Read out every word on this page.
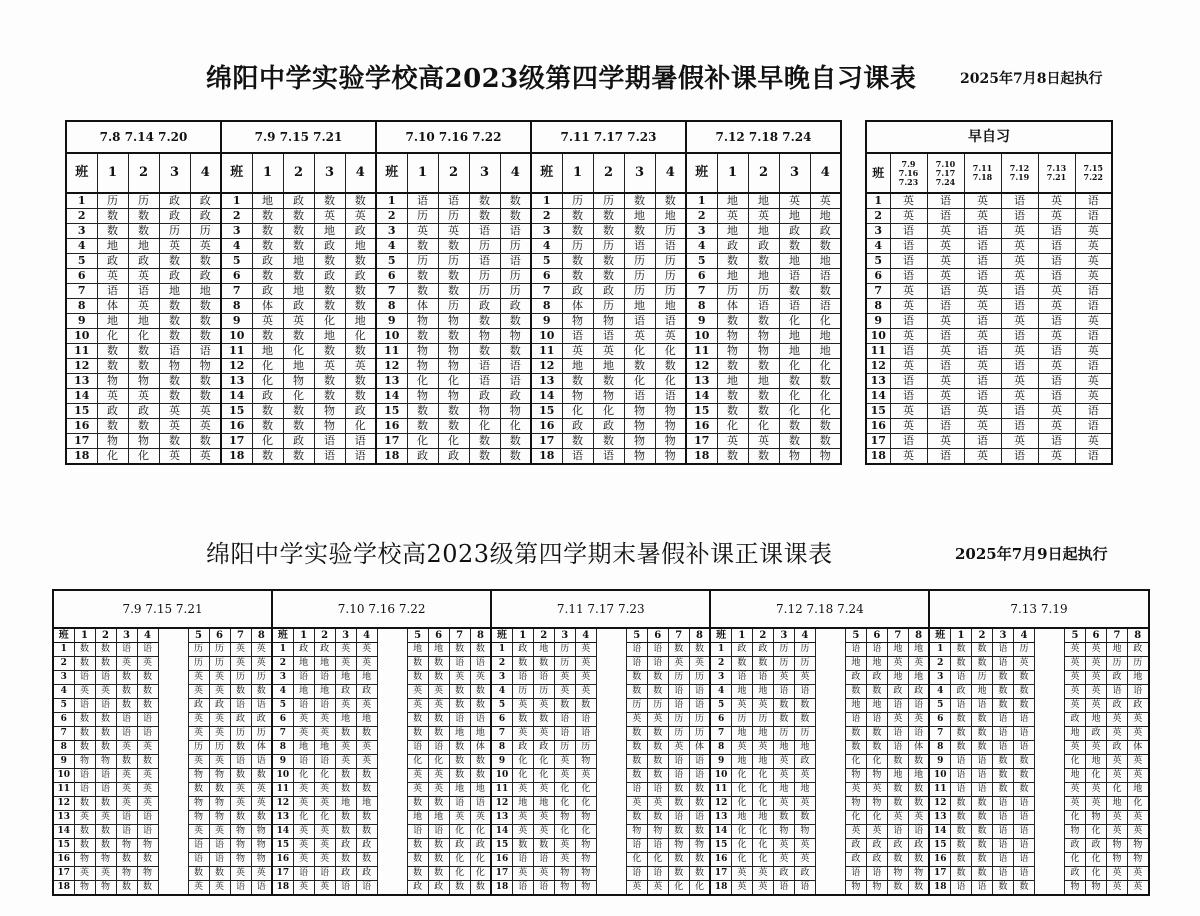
绵阳中学实验学校高2023级第四学期暑假补课早晚自习课表	2025年7月8日起执行
7.8 7.14 7.20					7.9 7.15 7.21					7.10 7.16 7.22					7.11 7.17 7.23					7.12 7.18 7.24				
班	1	2	3	4	班	1	2	3	4	班	1	2	3	4	班	1	2	3	4	班	1	2	3	4
1	历	历	政	政	1	地	政	数	数	1	语	语	数	数	1	历	历	数	数	1	地	地	英	英
2	数	数	政	政	2	数	数	英	英	2	历	历	数	数	2	数	数	地	地	2	英	英	地	地
3	数	数	历	历	3	数	数	地	政	3	英	英	语	语	3	数	数	数	历	3	地	地	政	政
4	地	地	英	英	4	数	数	政	地	4	数	数	历	历	4	历	历	语	语	4	政	政	数	数
5	政	政	数	数	5	政	地	数	数	5	历	历	语	语	5	数	数	历	历	5	数	数	地	地
6	英	英	政	政	6	数	数	政	政	6	数	数	历	历	6	数	数	历	历	6	地	地	语	语
7	语	语	地	地	7	政	地	数	数	7	数	数	历	历	7	政	政	历	历	7	历	历	数	数
8	体	英	数	数	8	体	政	数	数	8	体	历	政	政	8	体	历	地	地	8	体	语	语	语
9	地	地	数	数	9	英	英	化	地	9	物	物	数	数	9	物	物	语	语	9	数	数	化	化
10	化	化	数	数	10	数	数	地	化	10	数	数	物	物	10	语	语	英	英	10	物	物	地	地
11	数	数	语	语	11	地	化	数	数	11	物	物	数	数	11	英	英	化	化	11	物	物	地	地
12	数	数	物	物	12	化	地	英	英	12	物	物	语	语	12	地	地	数	数	12	数	数	化	化
13	物	物	数	数	13	化	物	数	数	13	化	化	语	语	13	数	数	化	化	13	地	地	数	数
14	英	英	数	数	14	政	化	数	数	14	物	物	政	政	14	物	物	语	语	14	数	数	化	化
15	政	政	英	英	15	数	数	物	政	15	数	数	物	物	15	化	化	物	物	15	数	数	化	化
16	数	数	英	英	16	数	数	物	化	16	数	数	化	化	16	政	政	物	物	16	化	化	数	数
17	物	物	数	数	17	化	政	语	语	17	化	化	数	数	17	数	数	物	物	17	英	英	数	数
18	化	化	英	英	18	数	数	语	语	18	政	政	数	数	18	语	语	物	物	18	数	数	物	物
早自习						
班	7.9 7.16 7.23	7.10 7.17 7.24	7.11 7.18	7.12 7.19	7.13 7.21	7.15 7.22
1	英	语	英	语	英	语
2	英	语	英	语	英	语
3	语	英	语	英	语	英
4	语	英	语	英	语	英
5	语	英	语	英	语	英
6	语	英	语	英	语	英
7	英	语	英	语	英	语
8	英	语	英	语	英	语
9	语	英	语	英	语	英
10	英	语	英	语	英	语
11	语	英	语	英	语	英
12	英	语	英	语	英	语
13	语	英	语	英	语	英
14	语	英	语	英	语	英
15	英	语	英	语	英	语
16	英	语	英	语	英	语
17	语	英	语	英	语	英
18	英	语	英	语	英	语
绵阳中学实验学校高2023级第四学期末暑假补课正课课表	2025年7月9日起执行
7.9 7.15 7.21										7.10 7.16 7.22										7.11 7.17 7.23										7.12 7.18 7.24										7.13 7.19									
班	1	2	3	4		5	6	7	8	班	1	2	3	4		5	6	7	8	班	1	2	3	4		5	6	7	8	班	1	2	3	4		5	6	7	8	班	1	2	3	4		5	6	7	8
1	数	数	语	语		历	历	英	英	1	政	政	英	英		地	地	数	数	1	政	地	历	英		语	语	数	数	1	政	政	历	历		语	语	地	地	1	数	数	语	历		英	英	地	政
2	数	数	英	英		历	历	英	英	2	地	地	英	英		数	数	语	语	2	数	数	历	英		语	语	英	英	2	数	数	历	历		地	地	英	英	2	数	数	语	英		英	英	历	历
3	语	语	数	数		英	英	历	历	3	语	语	地	地		数	数	英	英	3	语	语	英	英		数	数	历	历	3	语	语	英	英		政	政	地	地	3	语	历	数	数		英	英	政	地
4	英	英	数	数		英	英	数	数	4	地	地	政	政		英	英	数	数	4	历	历	英	英		数	数	语	语	4	地	地	语	语		数	数	政	政	4	政	地	数	数		英	英	语	语
5	语	语	数	数		政	政	语	语	5	语	语	英	英		英	英	数	数	5	英	英	数	数		历	历	语	语	5	英	英	数	数		地	地	语	语	5	语	语	数	数		英	英	政	政
6	数	数	语	语		英	英	政	政	6	英	英	地	地		数	数	语	语	6	数	数	语	语		英	英	历	历	6	历	历	数	数		语	语	英	英	6	数	数	语	语		政	地	英	英
7	数	数	语	语		英	英	历	历	7	英	英	数	数		数	数	地	地	7	英	英	语	语		数	数	历	历	7	地	地	历	历		数	数	语	语	7	数	数	语	语		地	政	英	英
8	数	数	英	英		历	历	数	体	8	地	地	英	英		语	语	数	体	8	政	政	历	历		数	数	英	体	8	英	英	地	地		数	数	语	体	8	数	数	语	语		英	英	政	体
9	物	物	数	数		英	英	语	语	9	语	语	英	英		化	化	数	数	9	化	化	英	物		数	数	语	语	9	地	地	英	政		化	化	数	数	9	语	语	数	数		化	地	英	英
10	语	语	英	英		物	物	数	数	10	化	化	数	数		英	英	数	数	10	化	化	英	英		数	数	语	语	10	化	化	英	英		物	物	地	地	10	语	语	数	数		地	化	英	英
11	语	语	英	英		数	数	英	英	11	英	英	数	数		英	英	地	地	11	英	英	化	化		语	语	数	数	11	化	化	地	地		英	英	数	数	11	语	语	数	数		英	英	化	地
12	数	数	英	英		物	物	英	英	12	英	英	地	地		数	数	语	语	12	地	地	化	化		英	英	数	数	12	化	化	英	英		物	物	数	数	12	数	数	语	语		英	英	地	化
13	英	英	语	语		物	物	数	数	13	化	化	数	数		地	地	英	英	13	英	英	物	物		数	数	语	语	13	地	地	数	数		化	化	英	英	13	数	数	语	语		化	物	英	英
14	数	数	语	语		英	英	物	物	14	英	英	数	数		语	语	化	化	14	英	英	化	化		物	物	数	数	14	化	化	物	物		英	英	语	语	14	数	数	语	语		物	化	英	英
15	数	数	物	物		语	语	物	物	15	英	英	政	政		数	数	政	政	15	数	数	英	物		语	语	物	物	15	化	化	英	英		政	政	政	政	15	数	数	语	语		政	政	物	物
16	物	物	数	数		语	语	物	物	16	英	英	数	数		数	数	化	化	16	语	语	英	物		化	化	数	数	16	化	化	英	英		政	政	数	数	16	数	数	语	语		化	化	物	物
17	英	英	物	物		数	数	英	英	17	语	语	政	政		数	数	化	化	17	英	英	物	物		语	语	数	数	17	英	英	政	政		语	语	物	物	17	数	数	语	语		政	化	英	英
18	物	物	数	数		英	英	语	语	18	英	英	语	语		政	政	数	数	18	语	语	物	物		英	英	化	化	18	英	英	语	语		物	物	数	数	18	语	语	数	数		物	物	英	英
